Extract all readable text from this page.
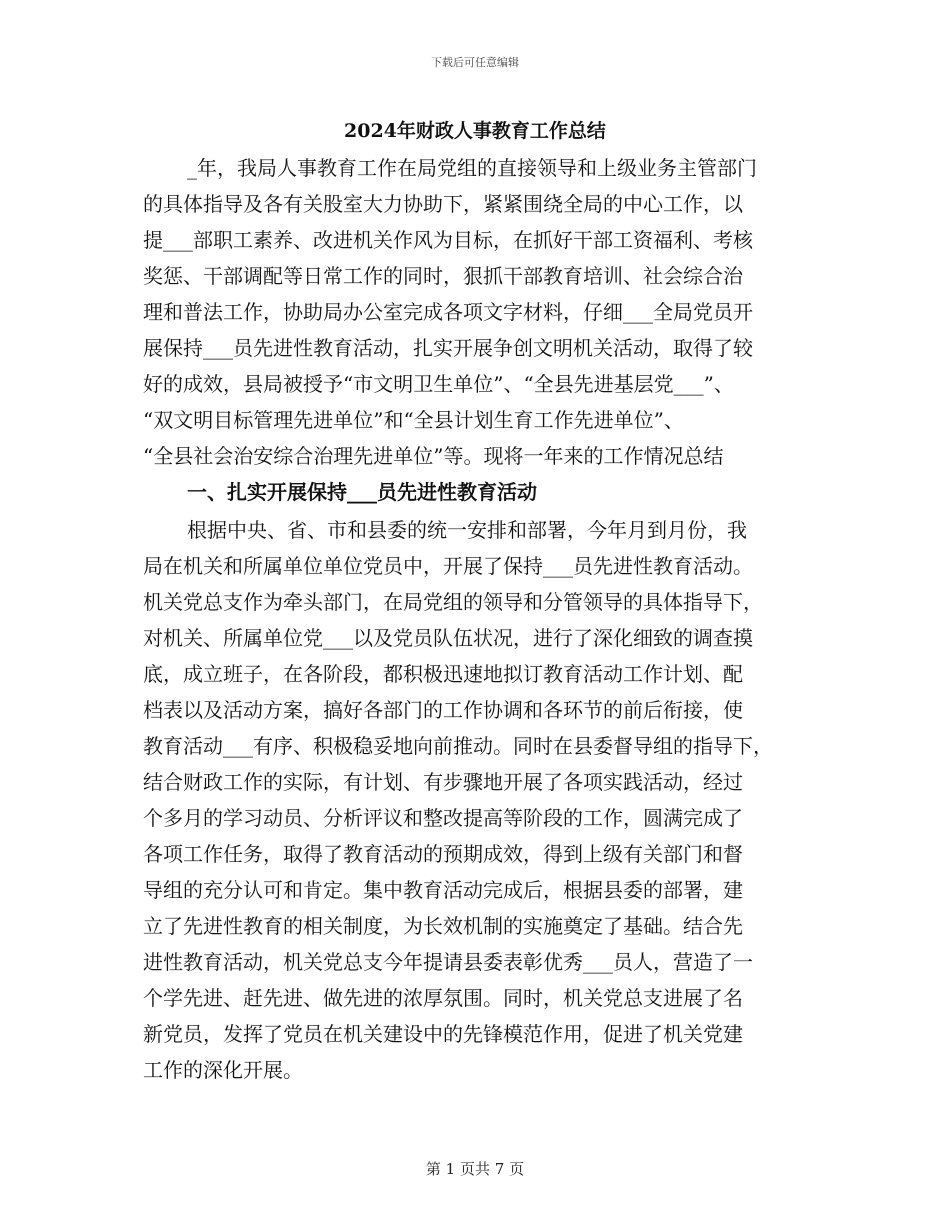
下载后可任意编辑
2024年财政人事教育工作总结
_年，我局人事教育工作在局党组的直接领导和上级业务主管部门
的具体指导及各有关股室大力协助下，紧紧围绕全局的中心工作，以
提___部职工素养、改进机关作风为目标，在抓好干部工资福利、考核
奖惩、干部调配等日常工作的同时，狠抓干部教育培训、社会综合治
理和普法工作，协助局办公室完成各项文字材料，仔细___全局党员开
展保持___员先进性教育活动，扎实开展争创文明机关活动，取得了较
好的成效，县局被授予“市文明卫生单位”、“全县先进基层党___”、
“双文明目标管理先进单位”和“全县计划生育工作先进单位”、
“全县社会治安综合治理先进单位”等。现将一年来的工作情况总结
一、扎实开展保持___员先进性教育活动
根据中央、省、市和县委的统一安排和部署，今年月到月份，我
局在机关和所属单位单位党员中，开展了保持___员先进性教育活动。
机关党总支作为牵头部门，在局党组的领导和分管领导的具体指导下，
对机关、所属单位党___以及党员队伍状况，进行了深化细致的调查摸
底，成立班子，在各阶段，都积极迅速地拟订教育活动工作计划、配
档表以及活动方案，搞好各部门的工作协调和各环节的前后衔接，使
教育活动___有序、积极稳妥地向前推动。同时在县委督导组的指导下，
结合财政工作的实际，有计划、有步骤地开展了各项实践活动，经过
个多月的学习动员、分析评议和整改提高等阶段的工作，圆满完成了
各项工作任务，取得了教育活动的预期成效，得到上级有关部门和督
导组的充分认可和肯定。集中教育活动完成后，根据县委的部署，建
立了先进性教育的相关制度，为长效机制的实施奠定了基础。结合先
进性教育活动，机关党总支今年提请县委表彰优秀___员人，营造了一
个学先进、赶先进、做先进的浓厚氛围。同时，机关党总支进展了名
新党员，发挥了党员在机关建设中的先锋模范作用，促进了机关党建
工作的深化开展。
第 1 页共 7 页
